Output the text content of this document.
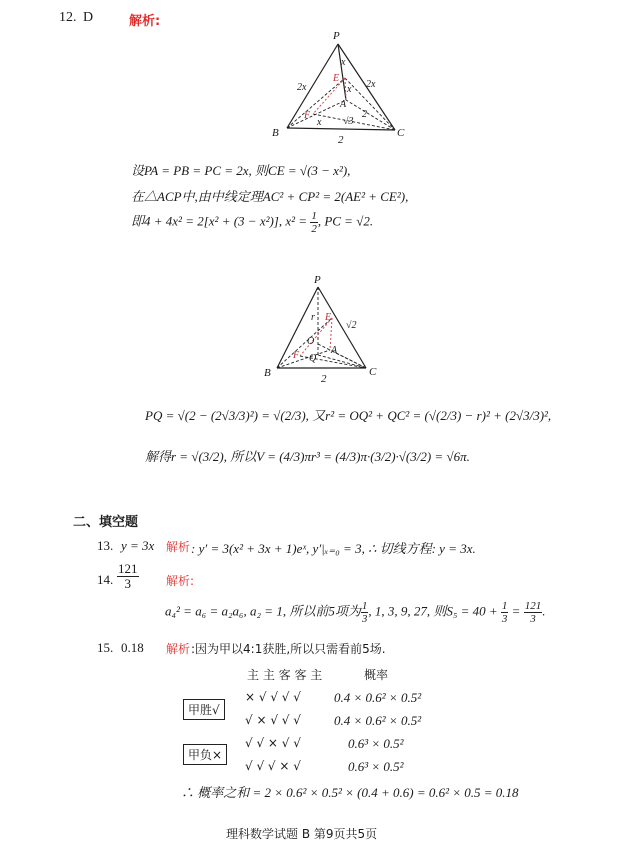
12. D	解析:
P
B	C
E
A
F
2x	2x
x
x
x √3
2
2
设PA = PB = PC = 2x, 则CE = √(3 − x²),
在△ACP中,由中线定理AC² + CP² = 2(AE² + CE²),
即4 + 4x² = 2[x² + (3 − x²)], $x^2 = \frac{1}{2}$ , PC = √2.
P
B	C
E
A
F
O
Q
r
√2
2
PQ = √(2 − (2√3/3)²) = √(2/3), 又r² = OQ² + QC² = (√(2/3) − r)² + (2√3/3)²,
解得r = √(3/2), 所以V = (4/3)πr³ = (4/3)π·(3/2)·√(3/2) = √6π.
二、填空题
13. y = 3x 解析 : y′ = 3(x² + 3x + 1)eˣ, y′|ₓ₌₀ = 3, ∴ 切线方程: y = 3x.
14. $\frac{121}{3}$ 解析:
a₄² = a₆ = a₂a₆, a₂ = 1, 所以前5项为 $\frac{1}{3}$ , 1, 3, 9, 27, 则$S_5 = 40 + \frac{1}{3} = \frac{121}{3}$ .
15. 0.18 解析 :因为甲以4:1获胜,所以只需看前5场.
主 主 客 客 主	概率
甲胜√
甲负×
× √ √ √ √	0.4 × 0.6² × 0.5²
√ × √ √ √	0.4 × 0.6² × 0.5²
√ √ × √ √	0.6³ × 0.5²
√ √ √ × √	0.6³ × 0.5²
∴ 概率之和 = 2 × 0.6² × 0.5² × (0.4 + 0.6) = 0.6² × 0.5 = 0.18
理科数学试题 B 第9页共5页
